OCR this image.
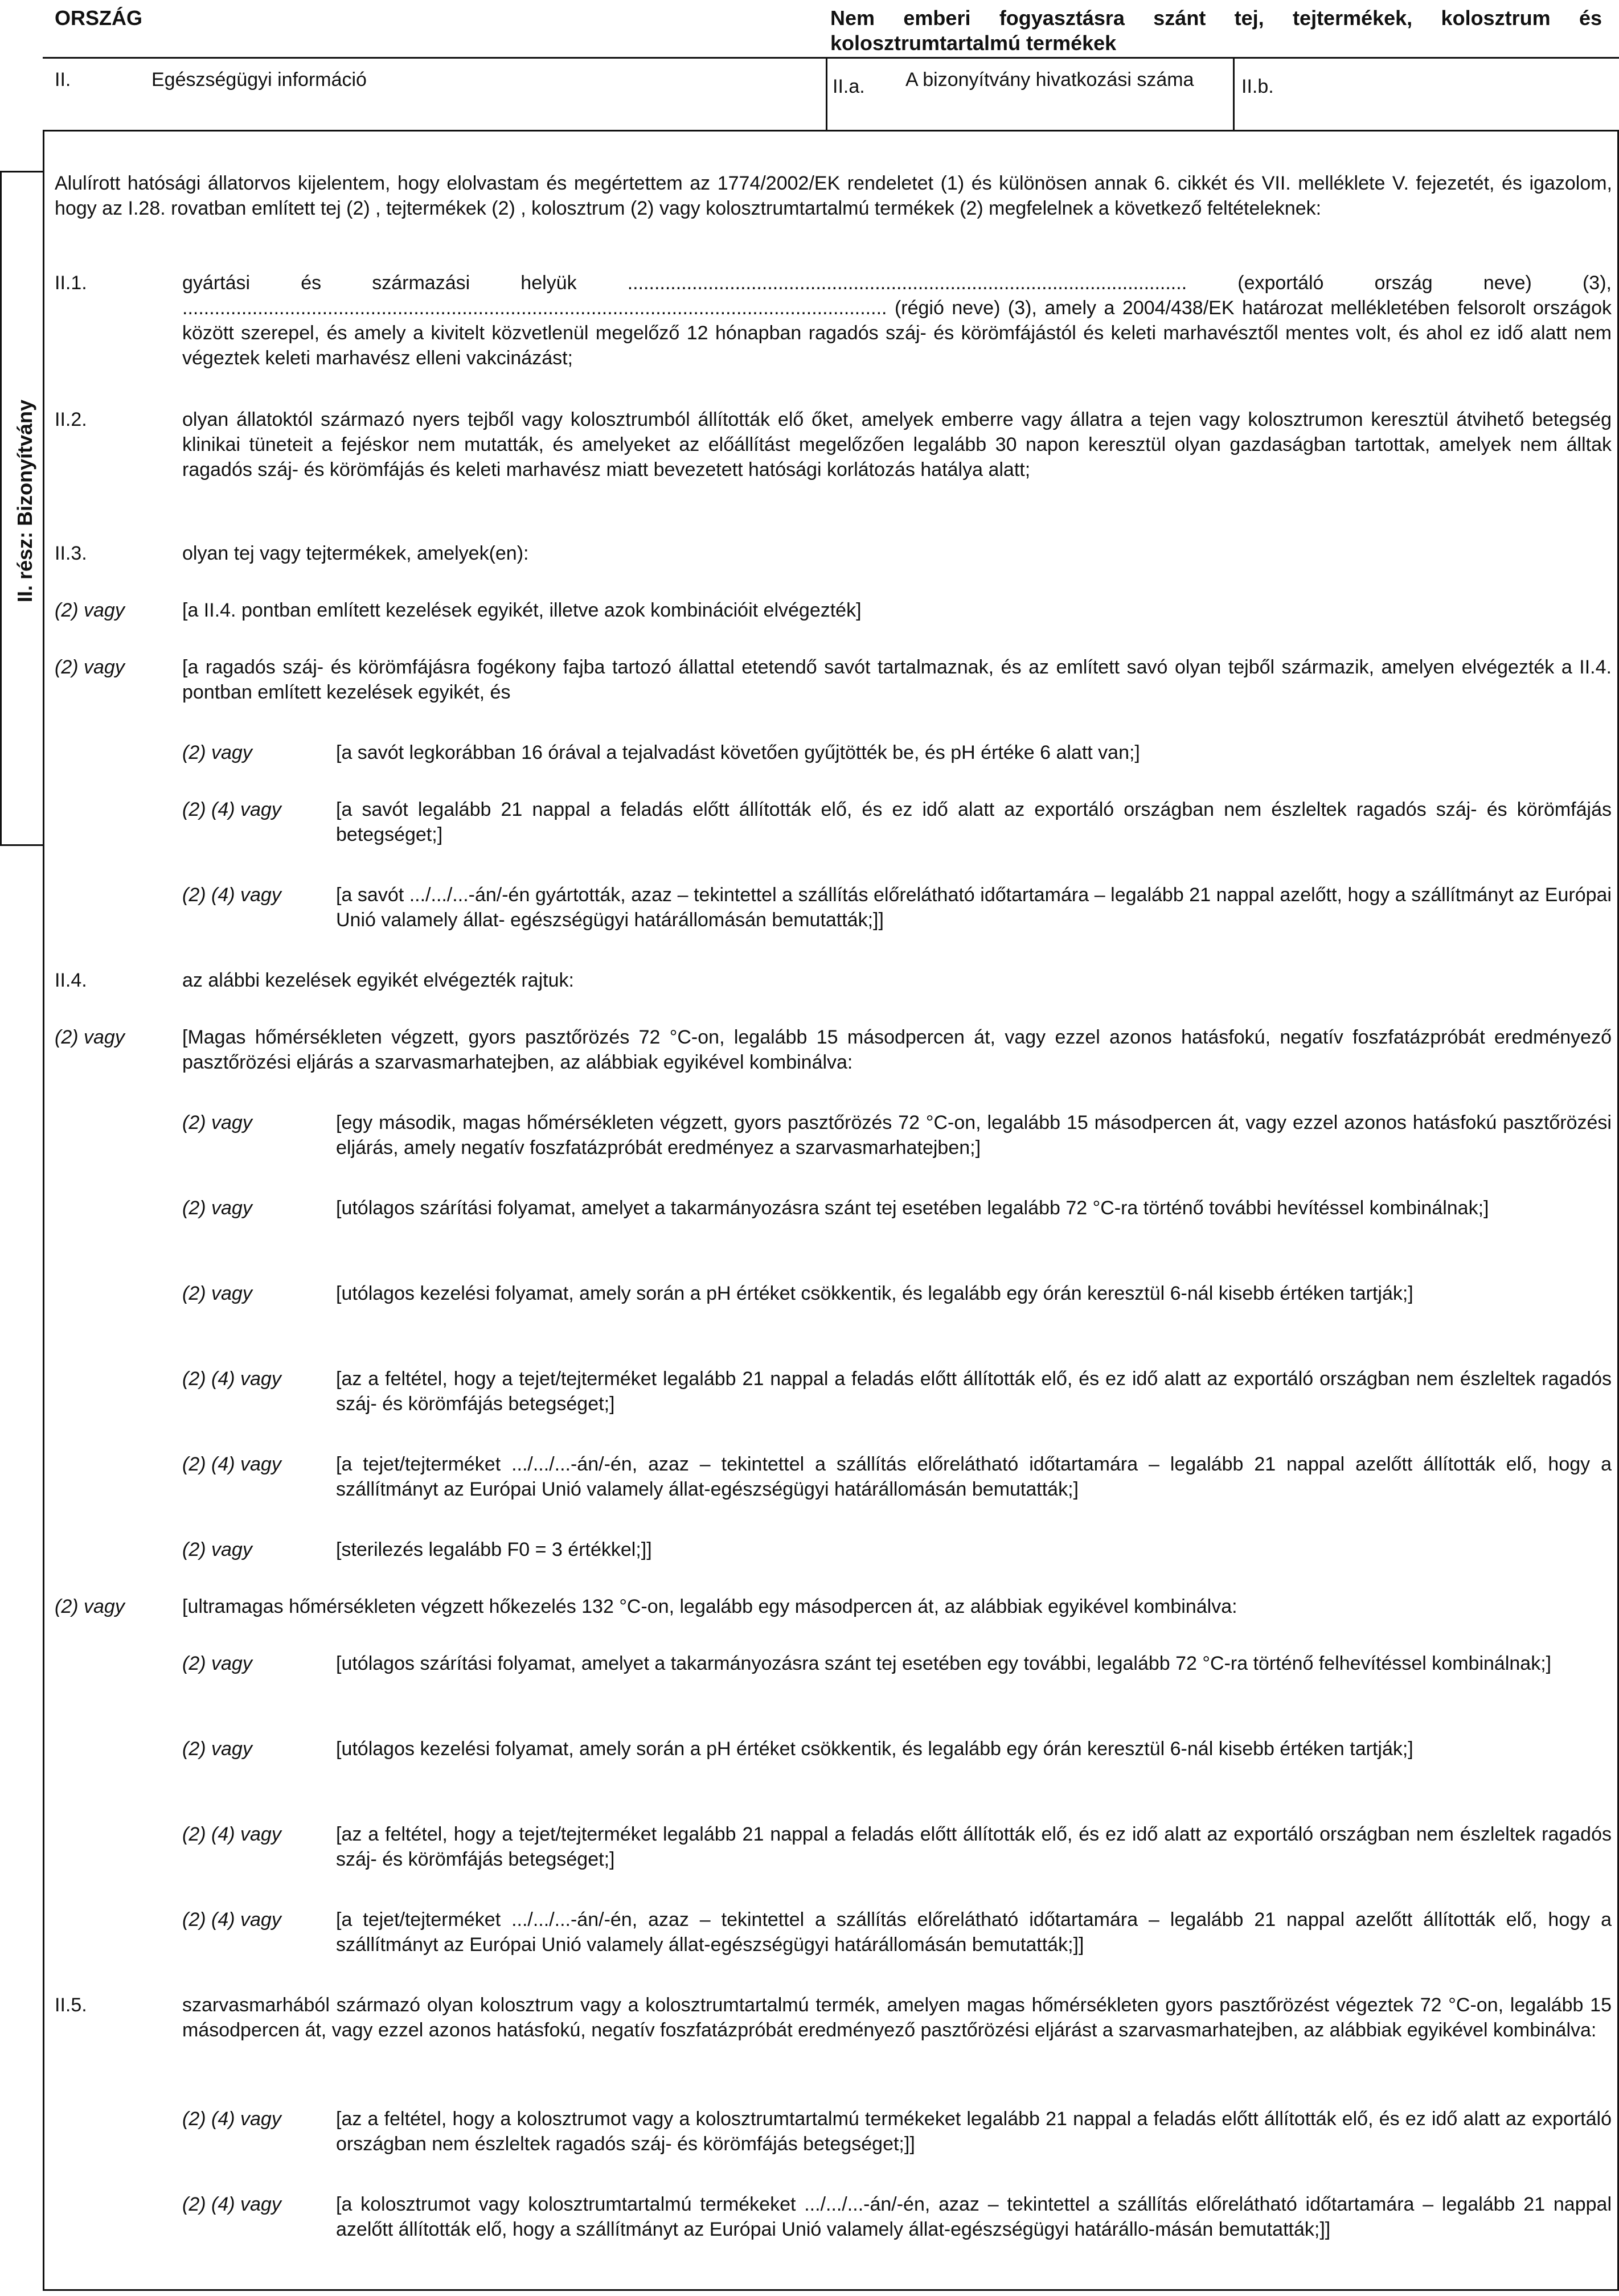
ORSZÁG	Nem emberi fogyasztásra szánt tej, tejtermékek, kolosztrum és kolosztrumtartalmú termékek
II.	Egészségügyi információ	II.a. A bizonyítvány hivatkozási száma	II.b.
II. rész: Bizonyítvány
Alulírott hatósági állatorvos kijelentem, hogy elolvastam és megértettem az 1774/2002/EK rendeletet (1) és különösen annak 6. cikkét és VII. melléklete V. fejezetét, és igazolom, hogy az I.28. rovatban említett tej (2) , tejtermékek (2) , kolosztrum (2) vagy kolosztrumtartalmú termékek (2) megfelelnek a következő feltételeknek:
II.1.	gyártási és származási helyük ........................................................................................................ (exportáló ország neve) (3), ................................................................................................................................... (régió neve) (3), amely a 2004/438/EK határozat mellékletében felsorolt országok között szerepel, és amely a kivitelt közvetlenül megelőző 12 hónapban ragadós száj- és körömfájástól és keleti marhavésztől mentes volt, és ahol ez idő alatt nem végeztek keleti marhavész elleni vakcinázást;
II.2.	olyan állatoktól származó nyers tejből vagy kolosztrumból állították elő őket, amelyek emberre vagy állatra a tejen vagy kolosztrumon keresztül átvihető betegség klinikai tüneteit a fejéskor nem mutatták, és amelyeket az előállítást megelőzően legalább 30 napon keresztül olyan gazdaságban tartottak, amelyek nem álltak ragadós száj- és körömfájás és keleti marhavész miatt bevezetett hatósági korlátozás hatálya alatt;
II.3.	olyan tej vagy tejtermékek, amelyek(en):
(2) vagy	[a II.4. pontban említett kezelések egyikét, illetve azok kombinációit elvégezték]
(2) vagy	[a ragadós száj- és körömfájásra fogékony fajba tartozó állattal etetendő savót tartalmaznak, és az említett savó olyan tejből származik, amelyen elvégezték a II.4. pontban említett kezelések egyikét, és
(2) vagy	[a savót legkorábban 16 órával a tejalvadást követően gyűjtötték be, és pH értéke 6 alatt van;]
(2) (4) vagy	[a savót legalább 21 nappal a feladás előtt állították elő, és ez idő alatt az exportáló országban nem észleltek ragadós száj- és körömfájás betegséget;]
(2) (4) vagy	[a savót .../.../...-án/-én gyártották, azaz – tekintettel a szállítás előrelátható időtartamára – legalább 21 nappal azelőtt, hogy a szállítmányt az Európai Unió valamely állat- egészségügyi határállomásán bemutatták;]]
II.4.	az alábbi kezelések egyikét elvégezték rajtuk:
(2) vagy	[Magas hőmérsékleten végzett, gyors pasztőrözés 72 °C-on, legalább 15 másodpercen át, vagy ezzel azonos hatásfokú, negatív foszfatázpróbát eredményező pasztőrözési eljárás a szarvasmarhatejben, az alábbiak egyikével kombinálva:
(2) vagy	[egy második, magas hőmérsékleten végzett, gyors pasztőrözés 72 °C-on, legalább 15 másodpercen át, vagy ezzel azonos hatásfokú pasztőrözési eljárás, amely negatív foszfatázpróbát eredményez a szarvasmarhatejben;]
(2) vagy	[utólagos szárítási folyamat, amelyet a takarmányozásra szánt tej esetében legalább 72 °C-ra történő további hevítéssel kombinálnak;]
(2) vagy	[utólagos kezelési folyamat, amely során a pH értéket csökkentik, és legalább egy órán keresztül 6-nál kisebb értéken tartják;]
(2) (4) vagy	[az a feltétel, hogy a tejet/tejterméket legalább 21 nappal a feladás előtt állították elő, és ez idő alatt az exportáló országban nem észleltek ragadós száj- és körömfájás betegséget;]
(2) (4) vagy	[a tejet/tejterméket .../.../...-án/-én, azaz – tekintettel a szállítás előrelátható időtartamára – legalább 21 nappal azelőtt állították elő, hogy a szállítmányt az Európai Unió valamely állat-egészségügyi határállomásán bemutatták;]
(2) vagy	[sterilezés legalább F0 = 3 értékkel;]]
(2) vagy	[ultramagas hőmérsékleten végzett hőkezelés 132 °C-on, legalább egy másodpercen át, az alábbiak egyikével kombinálva:
(2) vagy	[utólagos szárítási folyamat, amelyet a takarmányozásra szánt tej esetében egy további, legalább 72 °C-ra történő felhevítéssel kombinálnak;]
(2) vagy	[utólagos kezelési folyamat, amely során a pH értéket csökkentik, és legalább egy órán keresztül 6-nál kisebb értéken tartják;]
(2) (4) vagy	[az a feltétel, hogy a tejet/tejterméket legalább 21 nappal a feladás előtt állították elő, és ez idő alatt az exportáló országban nem észleltek ragadós száj- és körömfájás betegséget;]
(2) (4) vagy	[a tejet/tejterméket .../.../...-án/-én, azaz – tekintettel a szállítás előrelátható időtartamára – legalább 21 nappal azelőtt állították elő, hogy a szállítmányt az Európai Unió valamely állat-egészségügyi határállomásán bemutatták;]]
II.5.	szarvasmarhából származó olyan kolosztrum vagy a kolosztrumtartalmú termék, amelyen magas hőmérsékleten gyors pasztőrözést végeztek 72 °C-on, legalább 15 másodpercen át, vagy ezzel azonos hatásfokú, negatív foszfatázpróbát eredményező pasztőrözési eljárást a szarvasmarhatejben, az alábbiak egyikével kombinálva:
(2) (4) vagy	[az a feltétel, hogy a kolosztrumot vagy a kolosztrumtartalmú termékeket legalább 21 nappal a feladás előtt állították elő, és ez idő alatt az exportáló országban nem észleltek ragadós száj- és körömfájás betegséget;]]
(2) (4) vagy	[a kolosztrumot vagy kolosztrumtartalmú termékeket .../.../...-án/-én, azaz – tekintettel a szállítás előrelátható időtartamára – legalább 21 nappal azelőtt állították elő, hogy a szállítmányt az Európai Unió valamely állat-egészségügyi határállo-másán bemutatták;]]
